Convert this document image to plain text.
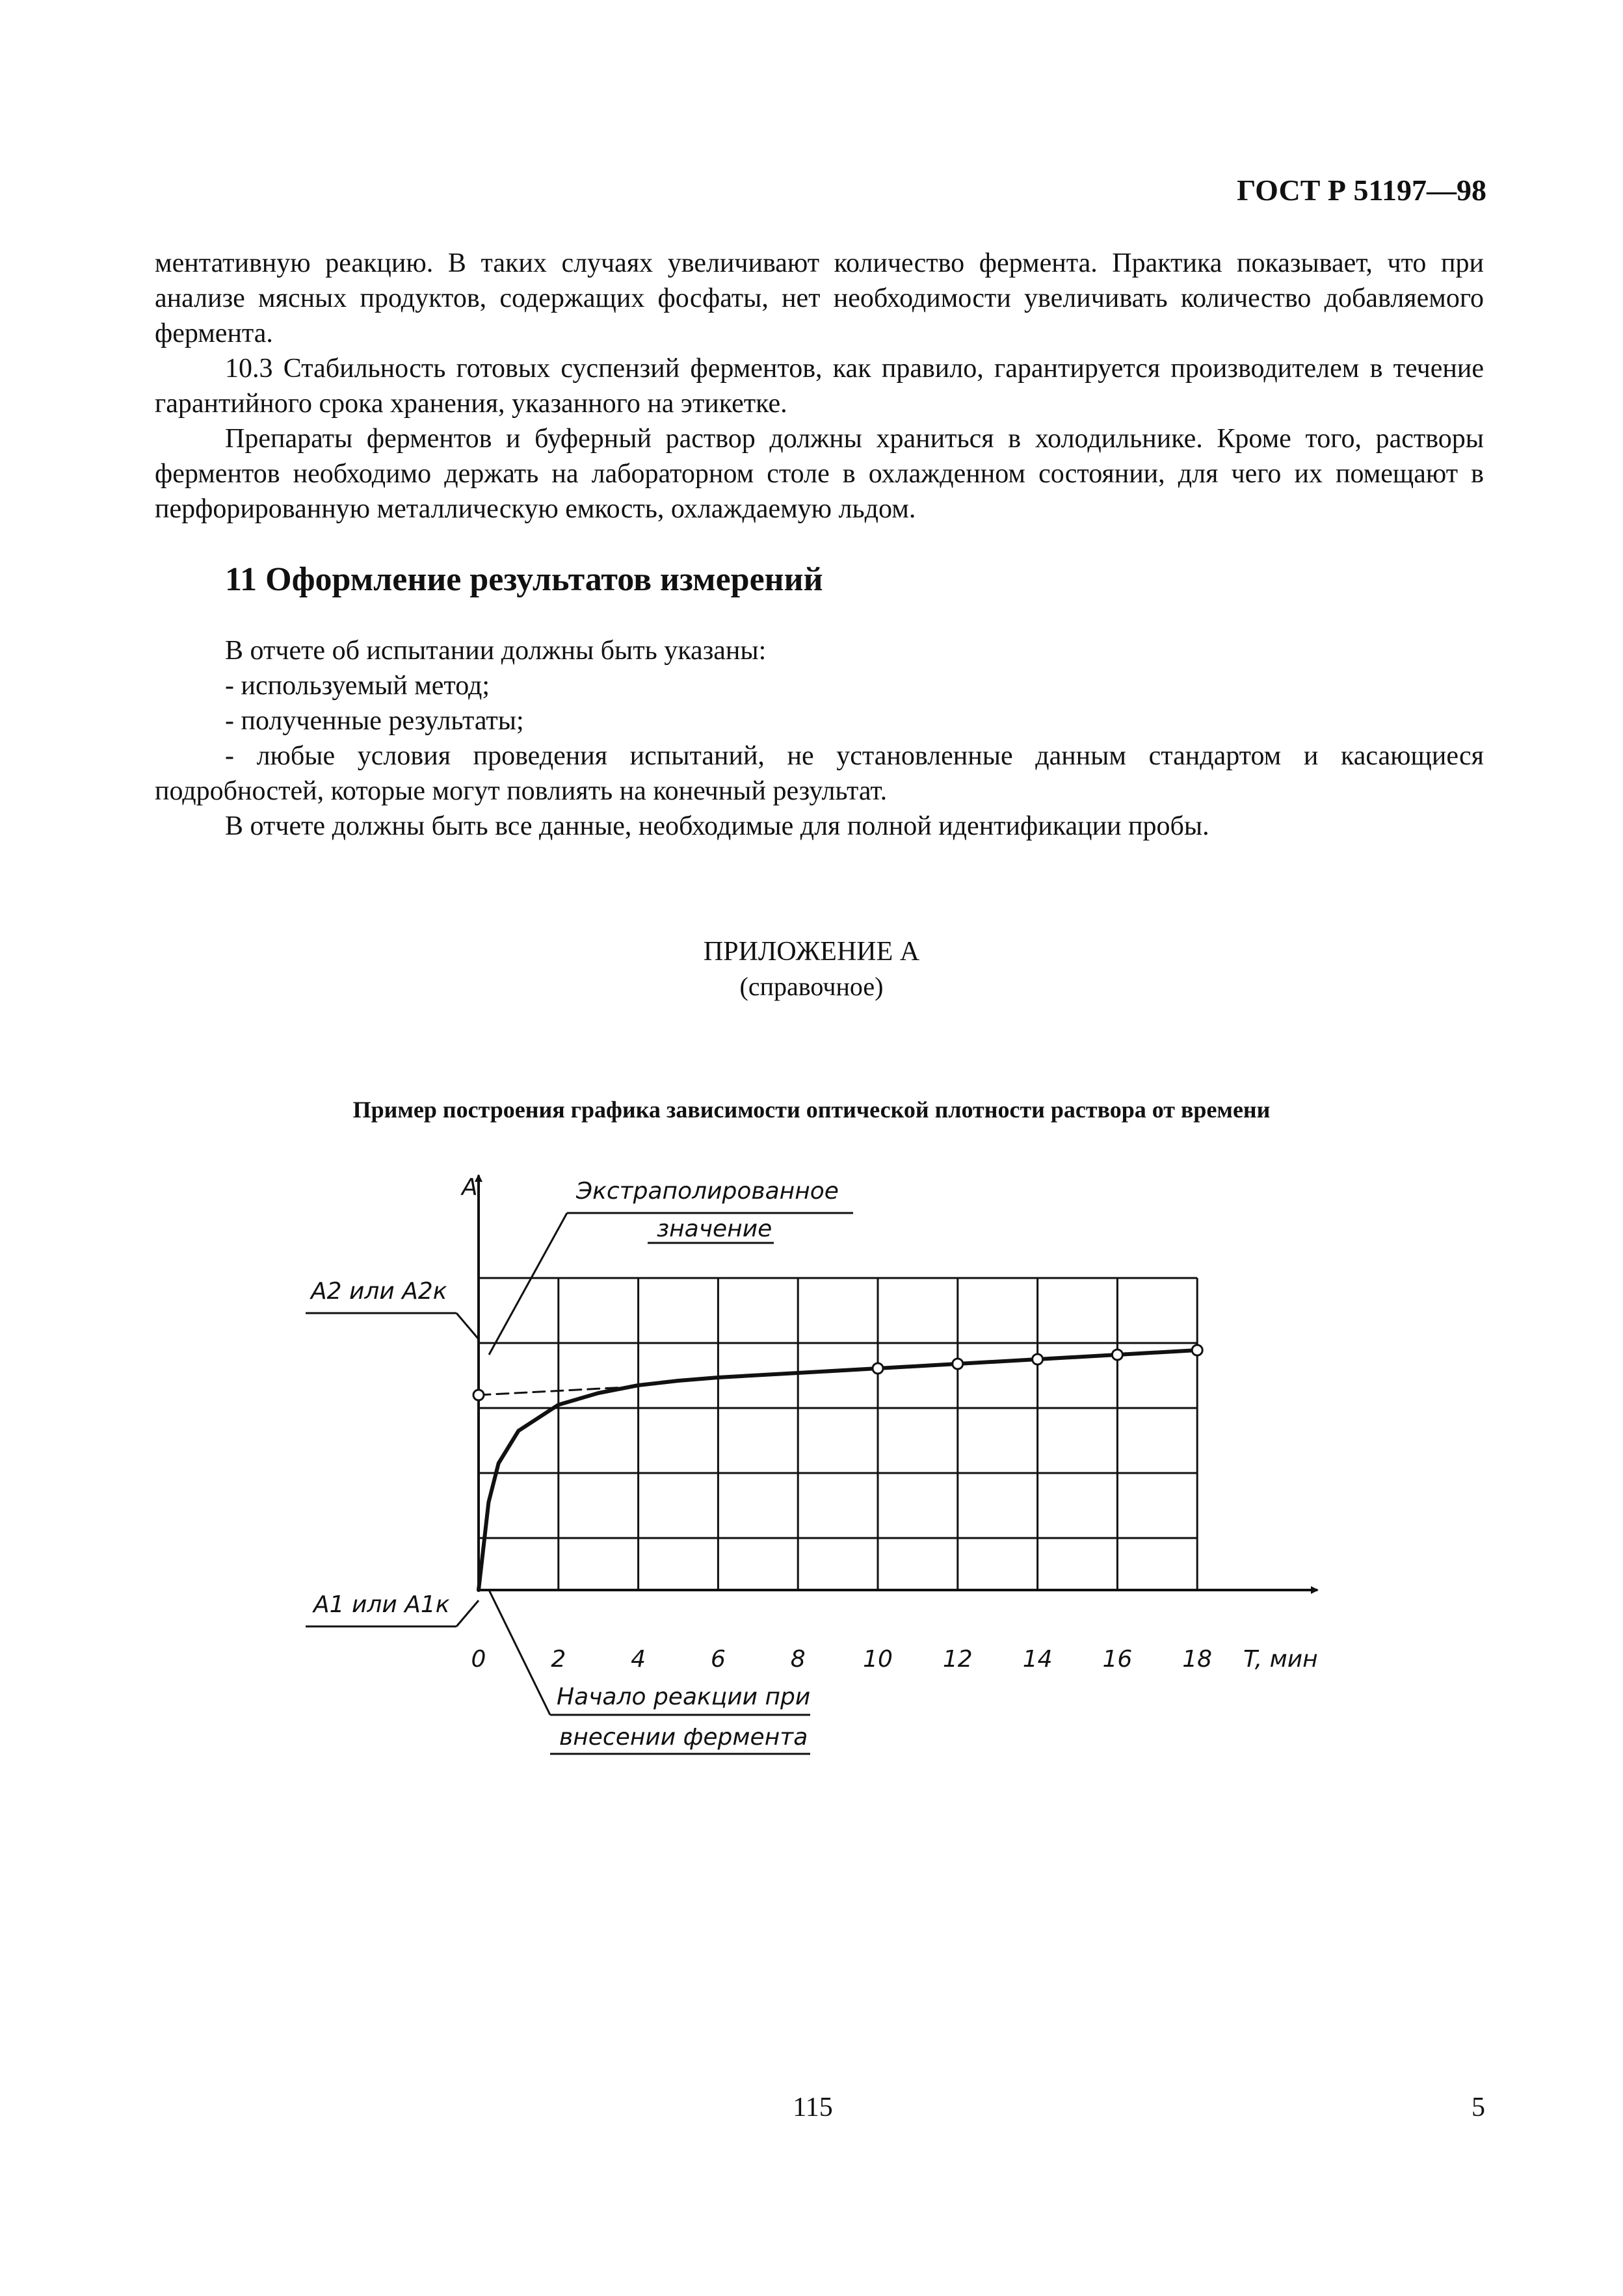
ГОСТ Р 51197—98

ментативную реакцию. В таких случаях увеличивают количество фермента. Практика показывает, что при анализе мясных продуктов, содержащих фосфаты, нет необходимости увеличивать количество добавляемого фермента.

10.3 Стабильность готовых суспензий ферментов, как правило, гарантируется производителем в течение гарантийного срока хранения, указанного на этикетке.

Препараты ферментов и буферный раствор должны храниться в холодильнике. Кроме того, растворы ферментов необходимо держать на лабораторном столе в охлажденном состоянии, для чего их помещают в перфорированную металлическую емкость, охлаждаемую льдом.

11 Оформление результатов измерений

В отчете об испытании должны быть указаны:

- используемый метод;

- полученные результаты;

- любые условия проведения испытаний, не установленные данным стандартом и касающиеся подробностей, которые могут повлиять на конечный результат.

В отчете должны быть все данные, необходимые для полной идентификации пробы.

ПРИЛОЖЕНИЕ А
(справочное)
Пример построения графика зависимости оптической плотности раствора от времени
0	2	4	6	8 10 12 14 16 18
A
T, мин
A2 или A2к
A1 или A1к
Экстраполированное
значение
Начало реакции при
внесении фермента
115	5
